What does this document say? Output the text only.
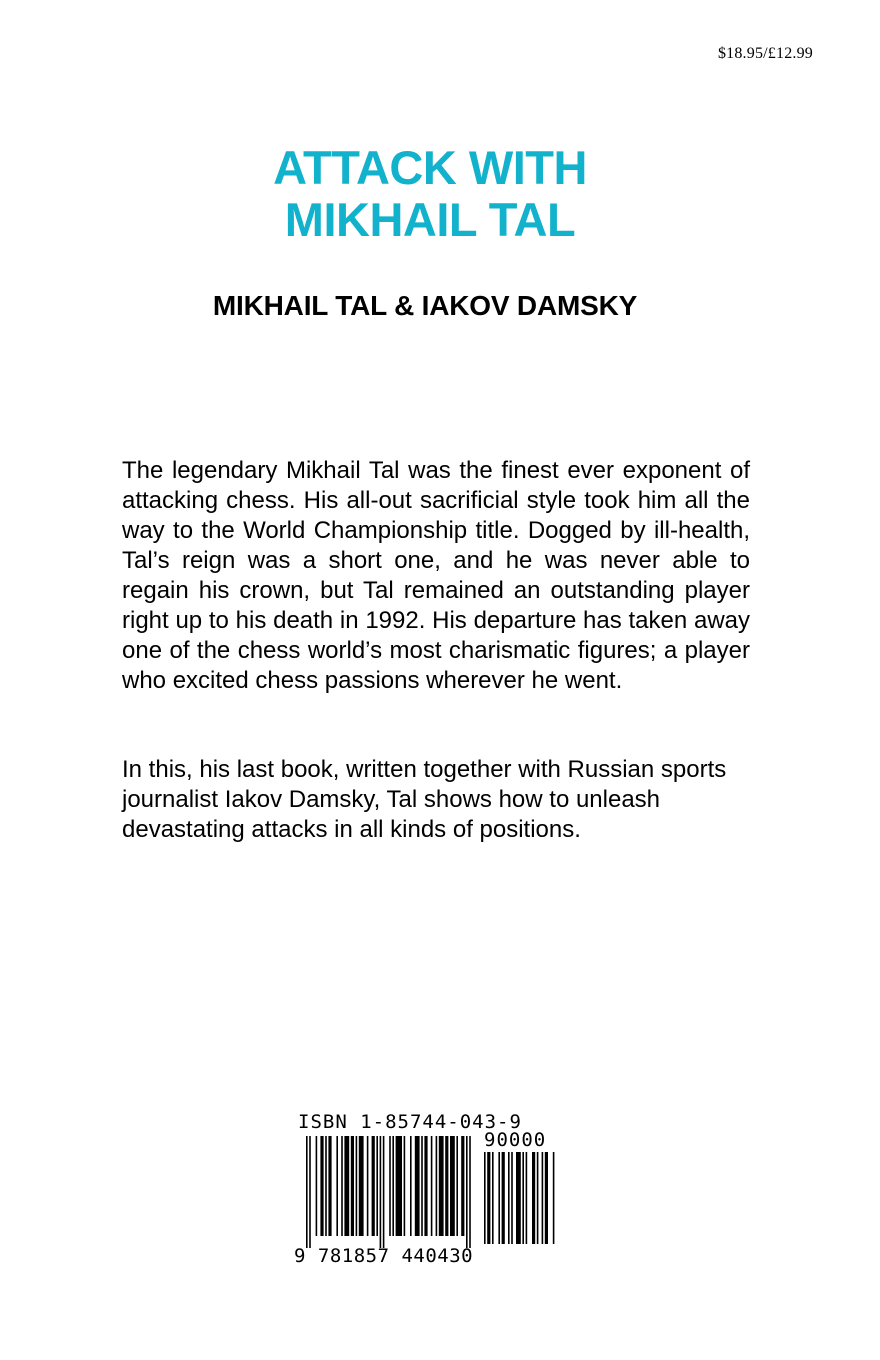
$18.95/£12.99
ATTACK WITH
MIKHAIL TAL
MIKHAIL TAL & IAKOV DAMSKY

The legendary Mikhail Tal was the finest ever exponent of attacking chess. His all-out sacrificial style took him all the way to the World Championship title. Dogged by ill-health, Tal’s reign was a short one, and he was never able to regain his crown, but Tal remained an outstanding player right up to his death in 1992. His departure has taken away one of the chess world’s most charismatic figures; a player who excited chess passions wherever he went.

In this, his last book, written together with Russian sports journalist Iakov Damsky, Tal shows how to unleash devastating attacks in all kinds of positions.

ISBN 1-85744-043-9
90000
9 781857 440430
